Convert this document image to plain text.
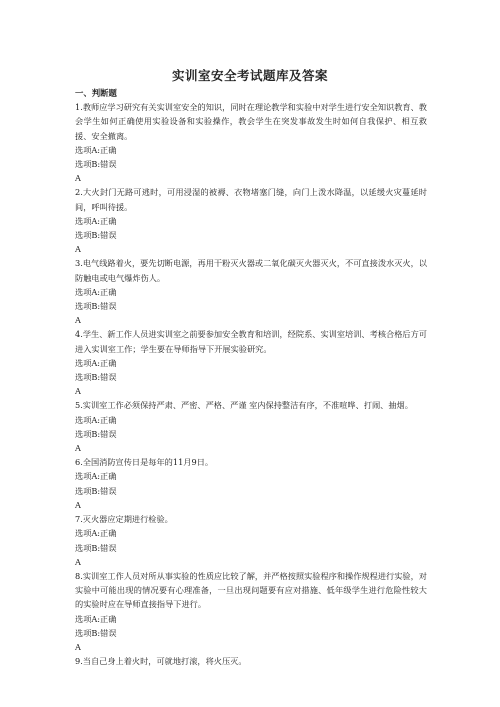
实训室安全考试题库及答案
一、判断题
1.教师应学习研究有关实训室安全的知识，同时在理论教学和实验中对学生进行安全知识教育、教会学生如何正确使用实验设备和实验操作，教会学生在突发事故发生时如何自我保护、相互救援、安全撤离。
选项A:正确
选项B:错误
A
2.大火封门无路可逃时，可用浸湿的被褥、衣物堵塞门缝，向门上泼水降温，以延缓火灾蔓延时间，呼叫待援。
选项A:正确
选项B:错误
A
3.电气线路着火，要先切断电源，再用干粉灭火器或二氧化碳灭火器灭火，不可直接泼水灭火，以防触电或电气爆炸伤人。
选项A:正确
选项B:错误
A
4.学生、新工作人员进实训室之前要参加安全教育和培训，经院系、实训室培训、考核合格后方可进入实训室工作；学生要在导师指导下开展实验研究。
选项A:正确
选项B:错误
A
5.实训室工作必须保持严肃、严密、严格、严谨 室内保持整洁有序，不准喧哗、打闹、抽烟。
选项A:正确
选项B:错误
A
6.全国消防宣传日是每年的11月9日。
选项A:正确
选项B:错误
A
7.灭火器应定期进行检验。
选项A:正确
选项B:错误
A
8.实训室工作人员对所从事实验的性质应比较了解，并严格按照实验程序和操作规程进行实验，对实验中可能出现的情况要有心理准备，一旦出现问题要有应对措施、低年级学生进行危险性较大的实验时应在导师直接指导下进行。
选项A:正确
选项B:错误
A
9.当自己身上着火时，可就地打滚，将火压灭。
